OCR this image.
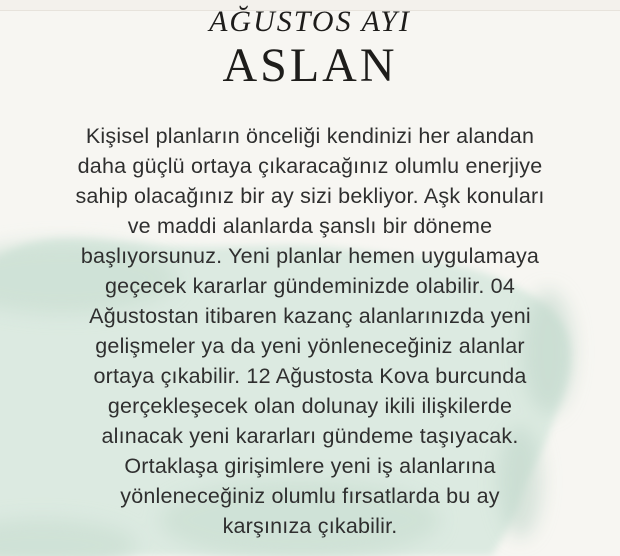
AĞUSTOS AYI
ASLAN
Kişisel planların önceliği kendinizi her alandan
daha güçlü ortaya çıkaracağınız olumlu enerjiye
sahip olacağınız bir ay sizi bekliyor. Aşk konuları
ve maddi alanlarda şanslı bir döneme
başlıyorsunuz. Yeni planlar hemen uygulamaya
geçecek kararlar gündeminizde olabilir. 04
Ağustostan itibaren kazanç alanlarınızda yeni
gelişmeler ya da yeni yönleneceğiniz alanlar
ortaya çıkabilir. 12 Ağustosta Kova burcunda
gerçekleşecek olan dolunay ikili ilişkilerde
alınacak yeni kararları gündeme taşıyacak.
Ortaklaşa girişimlere yeni iş alanlarına
yönleneceğiniz olumlu fırsatlarda bu ay
karşınıza çıkabilir.
